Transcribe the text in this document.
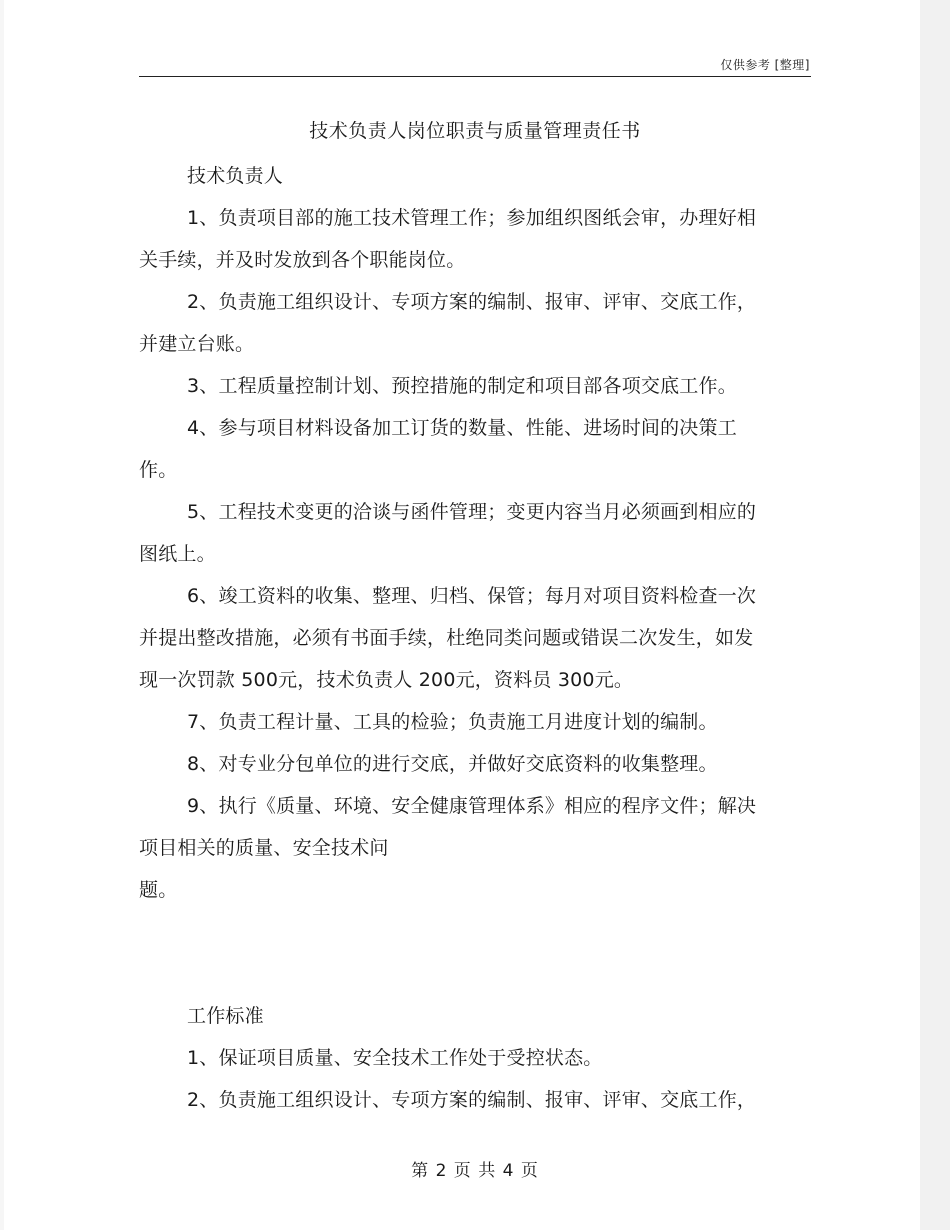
仅供参考 [整理]
技术负责人岗位职责与质量管理责任书

技术负责人

1、负责项目部的施工技术管理工作；参加组织图纸会审，办理好相关手续，并及时发放到各个职能岗位。

2、负责施工组织设计、专项方案的编制、报审、评审、交底工作，并建立台账。

3、工程质量控制计划、预控措施的制定和项目部各项交底工作。

4、参与项目材料设备加工订货的数量、性能、进场时间的决策工作。

5、工程技术变更的洽谈与函件管理；变更内容当月必须画到相应的图纸上。

6、竣工资料的收集、整理、归档、保管；每月对项目资料检查一次并提出整改措施，必须有书面手续，杜绝同类问题或错误二次发生，如发现一次罚款 500元，技术负责人 200元，资料员 300元。

7、负责工程计量、工具的检验；负责施工月进度计划的编制。

8、对专业分包单位的进行交底，并做好交底资料的收集整理。

9、执行《质量、环境、安全健康管理体系》相应的程序文件；解决项目相关的质量、安全技术问

题。

工作标准

1、保证项目质量、安全技术工作处于受控状态。

2、负责施工组织设计、专项方案的编制、报审、评审、交底工作，

第 2 页 共 4 页
